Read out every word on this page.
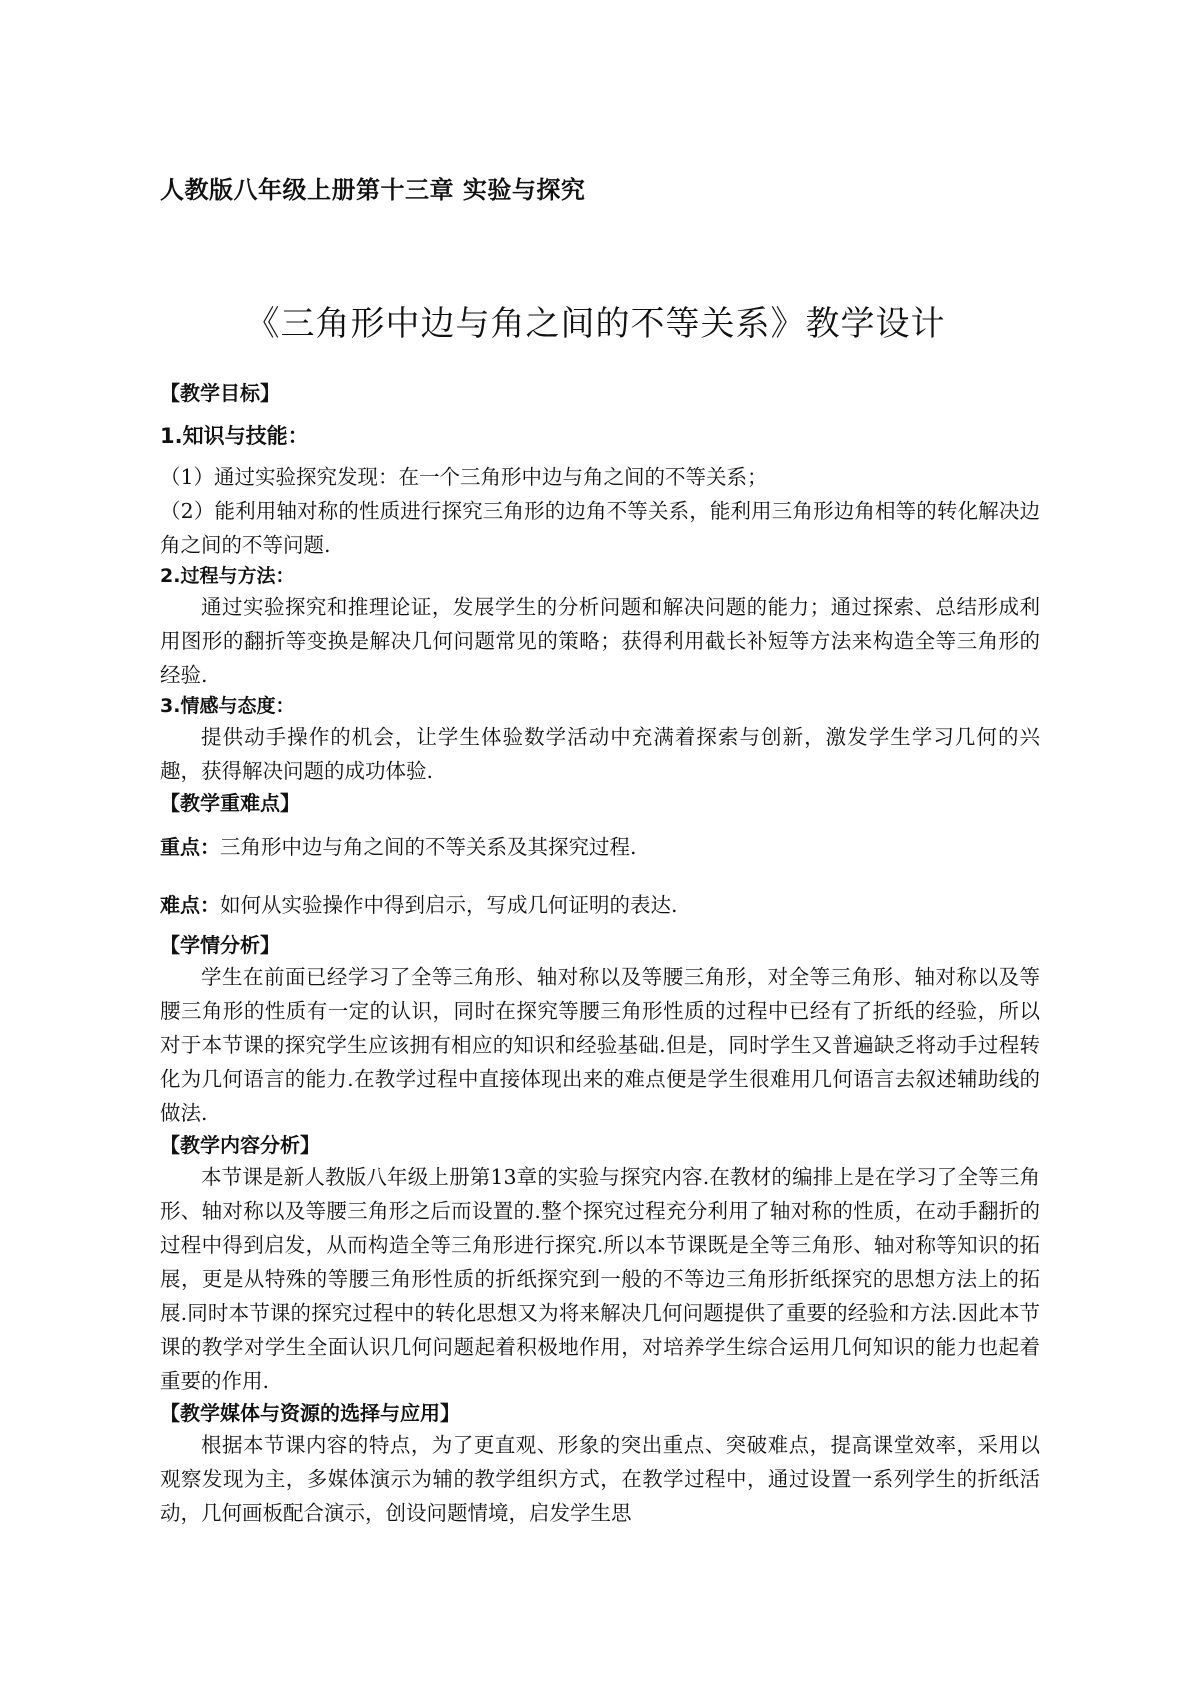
人教版八年级上册第十三章 实验与探究
《三角形中边与角之间的不等关系》教学设计
【教学目标】
1.知识与技能：

（1）通过实验探究发现：在一个三角形中边与角之间的不等关系；

（2）能利用轴对称的性质进行探究三角形的边角不等关系，能利用三角形边角相等的转化解决边角之间的不等问题.

2.过程与方法：

通过实验探究和推理论证，发展学生的分析问题和解决问题的能力；通过探索、总结形成利用图形的翻折等变换是解决几何问题常见的策略；获得利用截长补短等方法来构造全等三角形的经验.

3.情感与态度：

提供动手操作的机会，让学生体验数学活动中充满着探索与创新，激发学生学习几何的兴趣，获得解决问题的成功体验.

【教学重难点】

重点：三角形中边与角之间的不等关系及其探究过程.

难点：如何从实验操作中得到启示，写成几何证明的表达.

【学情分析】

学生在前面已经学习了全等三角形、轴对称以及等腰三角形，对全等三角形、轴对称以及等腰三角形的性质有一定的认识，同时在探究等腰三角形性质的过程中已经有了折纸的经验，所以对于本节课的探究学生应该拥有相应的知识和经验基础.但是，同时学生又普遍缺乏将动手过程转化为几何语言的能力.在教学过程中直接体现出来的难点便是学生很难用几何语言去叙述辅助线的做法.

【教学内容分析】

本节课是新人教版八年级上册第13章的实验与探究内容.在教材的编排上是在学习了全等三角形、轴对称以及等腰三角形之后而设置的.整个探究过程充分利用了轴对称的性质，在动手翻折的过程中得到启发，从而构造全等三角形进行探究.所以本节课既是全等三角形、轴对称等知识的拓展，更是从特殊的等腰三角形性质的折纸探究到一般的不等边三角形折纸探究的思想方法上的拓展.同时本节课的探究过程中的转化思想又为将来解决几何问题提供了重要的经验和方法.因此本节课的教学对学生全面认识几何问题起着积极地作用，对培养学生综合运用几何知识的能力也起着重要的作用.

【教学媒体与资源的选择与应用】

根据本节课内容的特点，为了更直观、形象的突出重点、突破难点，提高课堂效率，采用以观察发现为主，多媒体演示为辅的教学组织方式，在教学过程中，通过设置一系列学生的折纸活动，几何画板配合演示，创设问题情境，启发学生思
